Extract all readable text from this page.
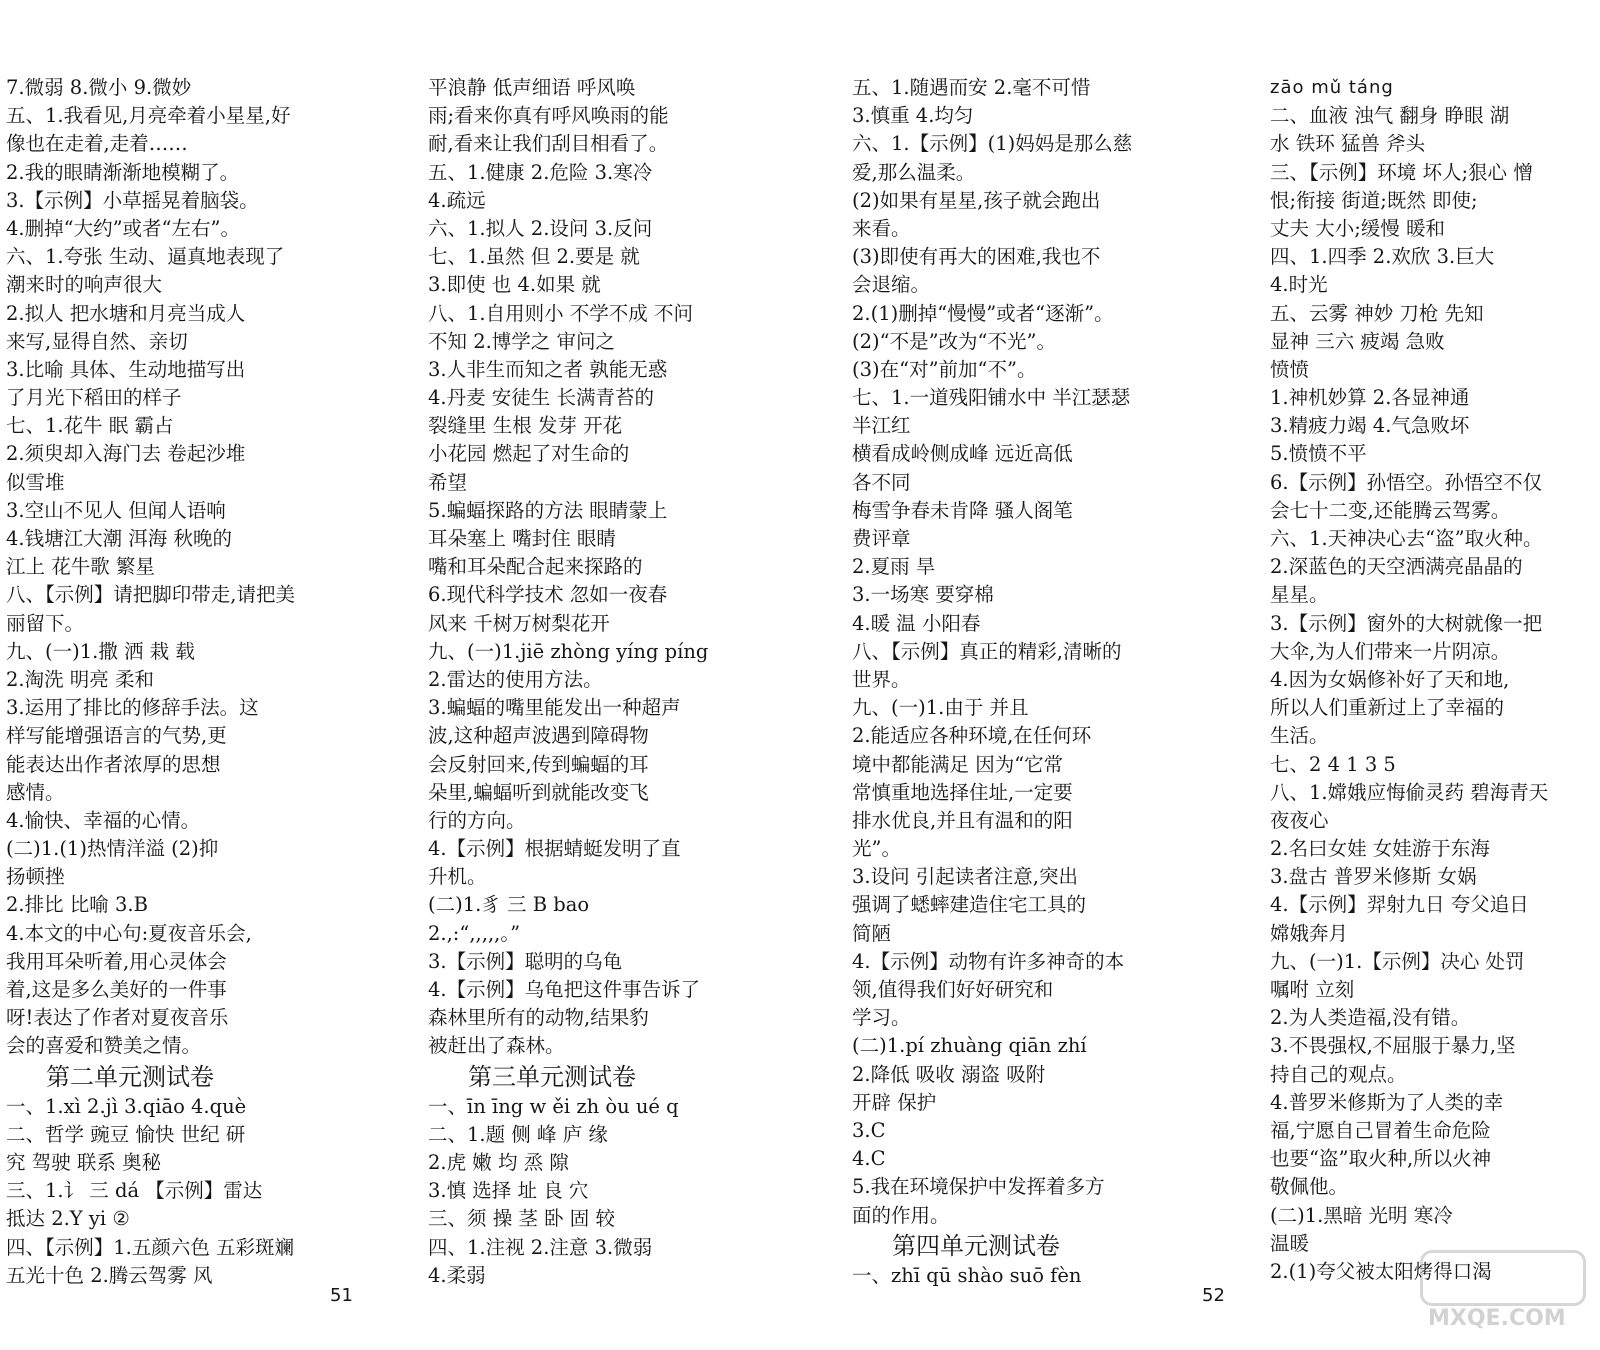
7.微弱 8.微小 9.微妙
五、1.我看见,月亮牵着小星星,好
像也在走着,走着……
2.我的眼睛渐渐地模糊了。
3.【示例】小草摇晃着脑袋。
4.删掉“大约”或者“左右”。
六、1.夸张 生动、逼真地表现了
潮来时的响声很大
2.拟人 把水塘和月亮当成人
来写,显得自然、亲切
3.比喻 具体、生动地描写出
了月光下稻田的样子
七、1.花牛 眠 霸占
2.须臾却入海门去 卷起沙堆
似雪堆
3.空山不见人 但闻人语响
4.钱塘江大潮 洱海 秋晚的
江上 花牛歌 繁星
八、【示例】请把脚印带走,请把美
丽留下。
九、(一)1.撒 洒 栽 载
2.淘洗 明亮 柔和
3.运用了排比的修辞手法。这
样写能增强语言的气势,更
能表达出作者浓厚的思想
感情。
4.愉快、幸福的心情。
(二)1.(1)热情洋溢 (2)抑
扬顿挫
2.排比 比喻 3.B
4.本文的中心句:夏夜音乐会,
我用耳朵听着,用心灵体会
着,这是多么美好的一件事
呀!表达了作者对夏夜音乐
会的喜爱和赞美之情。
第二单元测试卷
一、1.xì 2.jì 3.qiāo 4.què
二、哲学 豌豆 愉快 世纪 研
究 驾驶 联系 奥秘
三、1.讠 三 dá 【示例】雷达
抵达 2.Y yi ②
四、【示例】1.五颜六色 五彩斑斓
五光十色 2.腾云驾雾 风
平浪静 低声细语 呼风唤
雨;看来你真有呼风唤雨的能
耐,看来让我们刮目相看了。
五、1.健康 2.危险 3.寒冷
4.疏远
六、1.拟人 2.设问 3.反问
七、1.虽然 但 2.要是 就
3.即使 也 4.如果 就
八、1.自用则小 不学不成 不问
不知 2.博学之 审问之
3.人非生而知之者 孰能无惑
4.丹麦 安徒生 长满青苔的
裂缝里 生根 发芽 开花
小花园 燃起了对生命的
希望
5.蝙蝠探路的方法 眼睛蒙上
耳朵塞上 嘴封住 眼睛
嘴和耳朵配合起来探路的
6.现代科学技术 忽如一夜春
风来 千树万树梨花开
九、(一)1.jiē zhòng yíng píng
2.雷达的使用方法。
3.蝙蝠的嘴里能发出一种超声
波,这种超声波遇到障碍物
会反射回来,传到蝙蝠的耳
朵里,蝙蝠听到就能改变飞
行的方向。
4.【示例】根据蜻蜓发明了直
升机。
(二)1.豸 三 B bao
2.,:“,,,,,。”
3.【示例】聪明的乌龟
4.【示例】乌龟把这件事告诉了
森林里所有的动物,结果豹
被赶出了森林。
第三单元测试卷
一、īn īng w ěi zh òu ué q
二、1.题 侧 峰 庐 缘
2.虎 嫩 均 烝 隙
3.慎 选择 址 良 穴
三、须 操 茎 卧 固 较
四、1.注视 2.注意 3.微弱
4.柔弱
五、1.随遇而安 2.毫不可惜
3.慎重 4.均匀
六、1.【示例】(1)妈妈是那么慈
爱,那么温柔。
(2)如果有星星,孩子就会跑出
来看。
(3)即使有再大的困难,我也不
会退缩。
2.(1)删掉“慢慢”或者“逐渐”。
(2)“不是”改为“不光”。
(3)在“对”前加“不”。
七、1.一道残阳铺水中 半江瑟瑟
半江红
横看成岭侧成峰 远近高低
各不同
梅雪争春未肯降 骚人阁笔
费评章
2.夏雨 旱
3.一场寒 要穿棉
4.暖 温 小阳春
八、【示例】真正的精彩,清晰的
世界。
九、(一)1.由于 并且
2.能适应各种环境,在任何环
境中都能满足 因为“它常
常慎重地选择住址,一定要
排水优良,并且有温和的阳
光”。
3.设问 引起读者注意,突出
强调了蟋蟀建造住宅工具的
简陋
4.【示例】动物有许多神奇的本
领,值得我们好好研究和
学习。
(二)1.pí zhuàng qiān zhí
2.降低 吸收 溺盗 吸附
开辟 保护
3.C
4.C
5.我在环境保护中发挥着多方
面的作用。
第四单元测试卷
一、zhī qū shào suō fèn
zāo mǔ táng
二、血液 浊气 翻身 睁眼 湖
水 铁环 猛兽 斧头
三、【示例】环境 坏人;狠心 憎
恨;衔接 街道;既然 即使;
丈夫 大小;缓慢 暖和
四、1.四季 2.欢欣 3.巨大
4.时光
五、云雾 神妙 刀枪 先知
显神 三六 疲竭 急败
愤愤
1.神机妙算 2.各显神通
3.精疲力竭 4.气急败坏
5.愤愤不平
6.【示例】孙悟空。孙悟空不仅
会七十二变,还能腾云驾雾。
六、1.天神决心去“盗”取火种。
2.深蓝色的天空洒满亮晶晶的
星星。
3.【示例】窗外的大树就像一把
大伞,为人们带来一片阴凉。
4.因为女娲修补好了天和地,
所以人们重新过上了幸福的
生活。
七、2 4 1 3 5
八、1.嫦娥应悔偷灵药 碧海青天
夜夜心
2.名曰女娃 女娃游于东海
3.盘古 普罗米修斯 女娲
4.【示例】羿射九日 夸父追日
嫦娥奔月
九、(一)1.【示例】决心 处罚
嘱咐 立刻
2.为人类造福,没有错。
3.不畏强权,不屈服于暴力,坚
持自己的观点。
4.普罗米修斯为了人类的幸
福,宁愿自己冒着生命危险
也要“盗”取火种,所以火神
敬佩他。
(二)1.黑暗 光明 寒冷
温暖
2.(1)夸父被太阳烤得口渴
51	52
MXQE.COM
